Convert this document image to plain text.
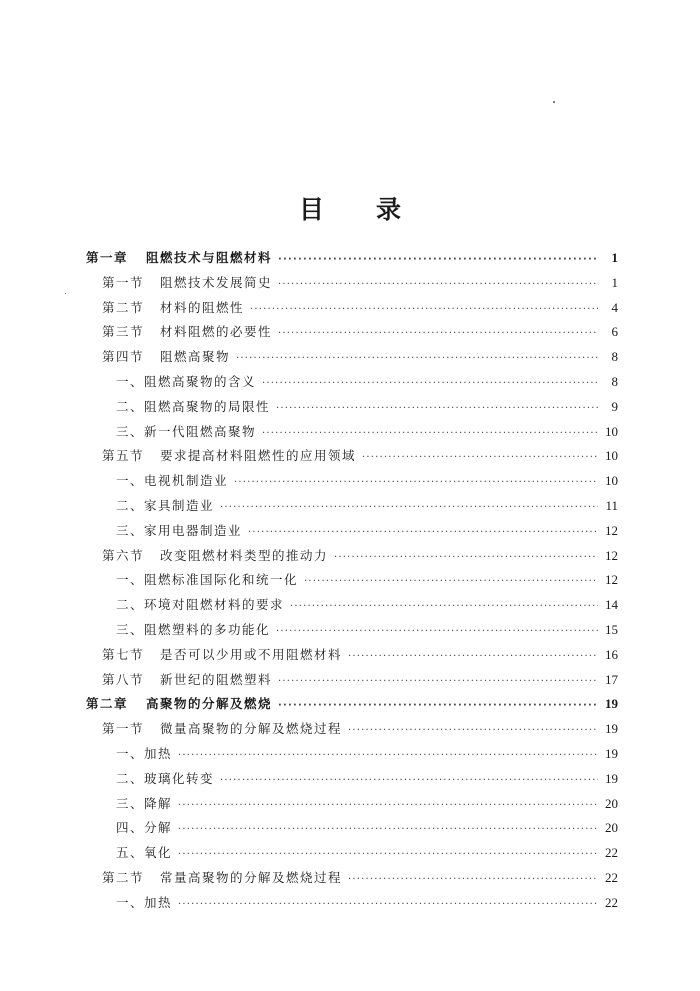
目 录
第一章 阻燃技术与阻燃材料 ·····	1
第一节 阻燃技术发展简史 ·····	1
第二节 材料的阻燃性 ·····	4
第三节 材料阻燃的必要性 ·····	6
第四节 阻燃高聚物 ·····	8
一、阻燃高聚物的含义 ·····	8
二、阻燃高聚物的局限性 ·····	9
三、新一代阻燃高聚物 ·····	10
第五节 要求提高材料阻燃性的应用领域 ·····	10
一、电视机制造业 ·····	10
二、家具制造业 ·····	11
三、家用电器制造业 ·····	12
第六节 改变阻燃材料类型的推动力 ·····	12
一、阻燃标准国际化和统一化 ·····	12
二、环境对阻燃材料的要求 ·····	14
三、阻燃塑料的多功能化 ·····	15
第七节 是否可以少用或不用阻燃材料 ·····	16
第八节 新世纪的阻燃塑料 ·····	17
第二章 高聚物的分解及燃烧 ·····	19
第一节 微量高聚物的分解及燃烧过程 ·····	19
一、加热 ·····	19
二、玻璃化转变 ·····	19
三、降解 ·····	20
四、分解 ·····	20
五、氧化 ·····	22
第二节 常量高聚物的分解及燃烧过程 ·····	22
一、加热 ·····	22
